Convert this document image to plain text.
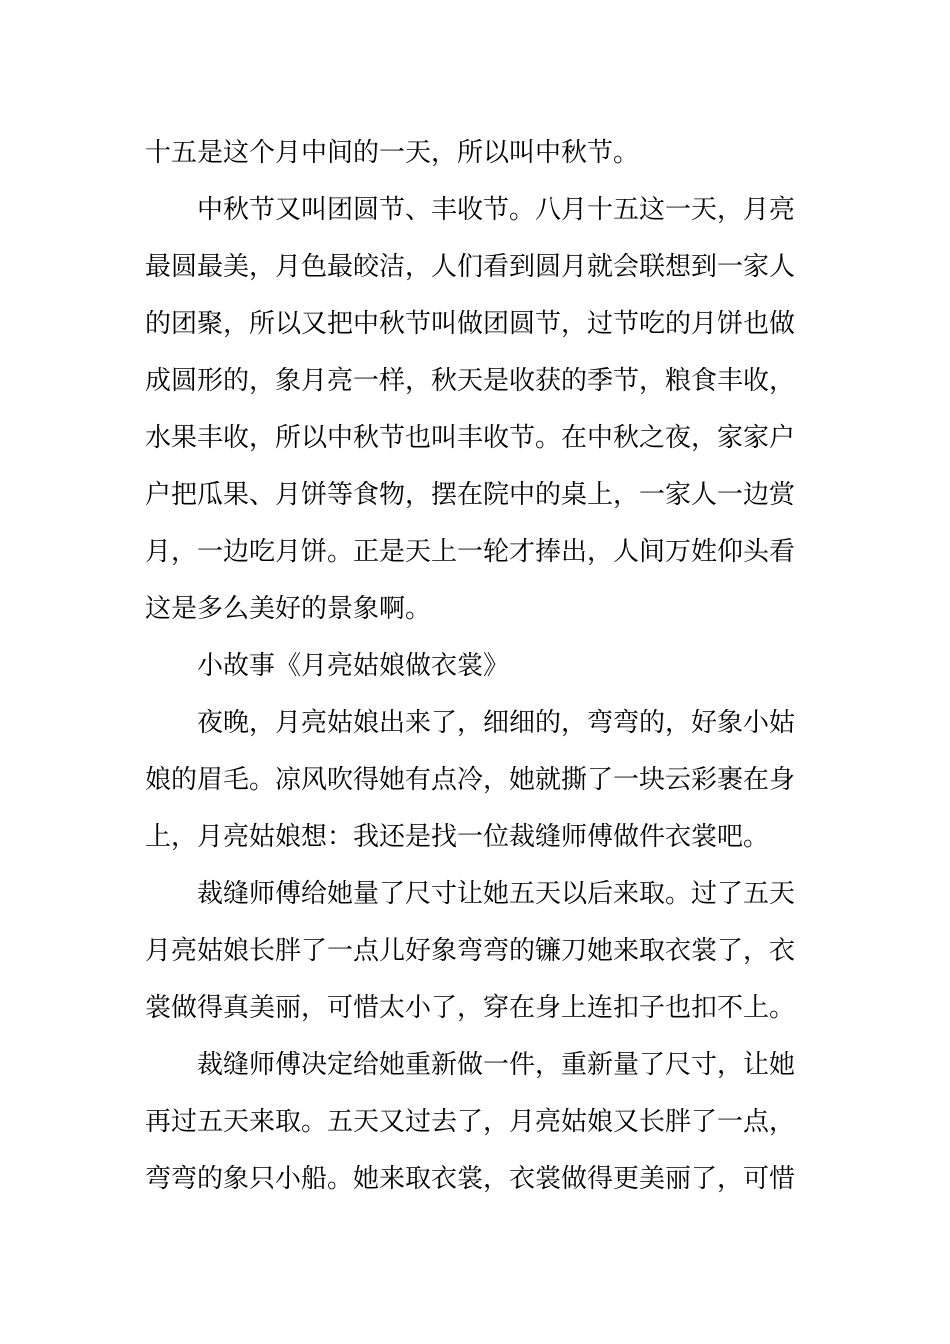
十五是这个月中间的一天，所以叫中秋节。
中秋节又叫团圆节、丰收节。八月十五这一天，月亮
最圆最美，月色最皎洁，人们看到圆月就会联想到一家人
的团聚，所以又把中秋节叫做团圆节，过节吃的月饼也做
成圆形的，象月亮一样，秋天是收获的季节，粮食丰收，
水果丰收，所以中秋节也叫丰收节。在中秋之夜，家家户
户把瓜果、月饼等食物，摆在院中的桌上，一家人一边赏
月，一边吃月饼。正是天上一轮才捧出，人间万姓仰头看
这是多么美好的景象啊。
小故事《月亮姑娘做衣裳》
夜晚，月亮姑娘出来了，细细的，弯弯的，好象小姑
娘的眉毛。凉风吹得她有点冷，她就撕了一块云彩裹在身
上，月亮姑娘想：我还是找一位裁缝师傅做件衣裳吧。
裁缝师傅给她量了尺寸让她五天以后来取。过了五天
月亮姑娘长胖了一点儿好象弯弯的镰刀她来取衣裳了，衣
裳做得真美丽，可惜太小了，穿在身上连扣子也扣不上。
裁缝师傅决定给她重新做一件，重新量了尺寸，让她
再过五天来取。五天又过去了，月亮姑娘又长胖了一点，
弯弯的象只小船。她来取衣裳，衣裳做得更美丽了，可惜
